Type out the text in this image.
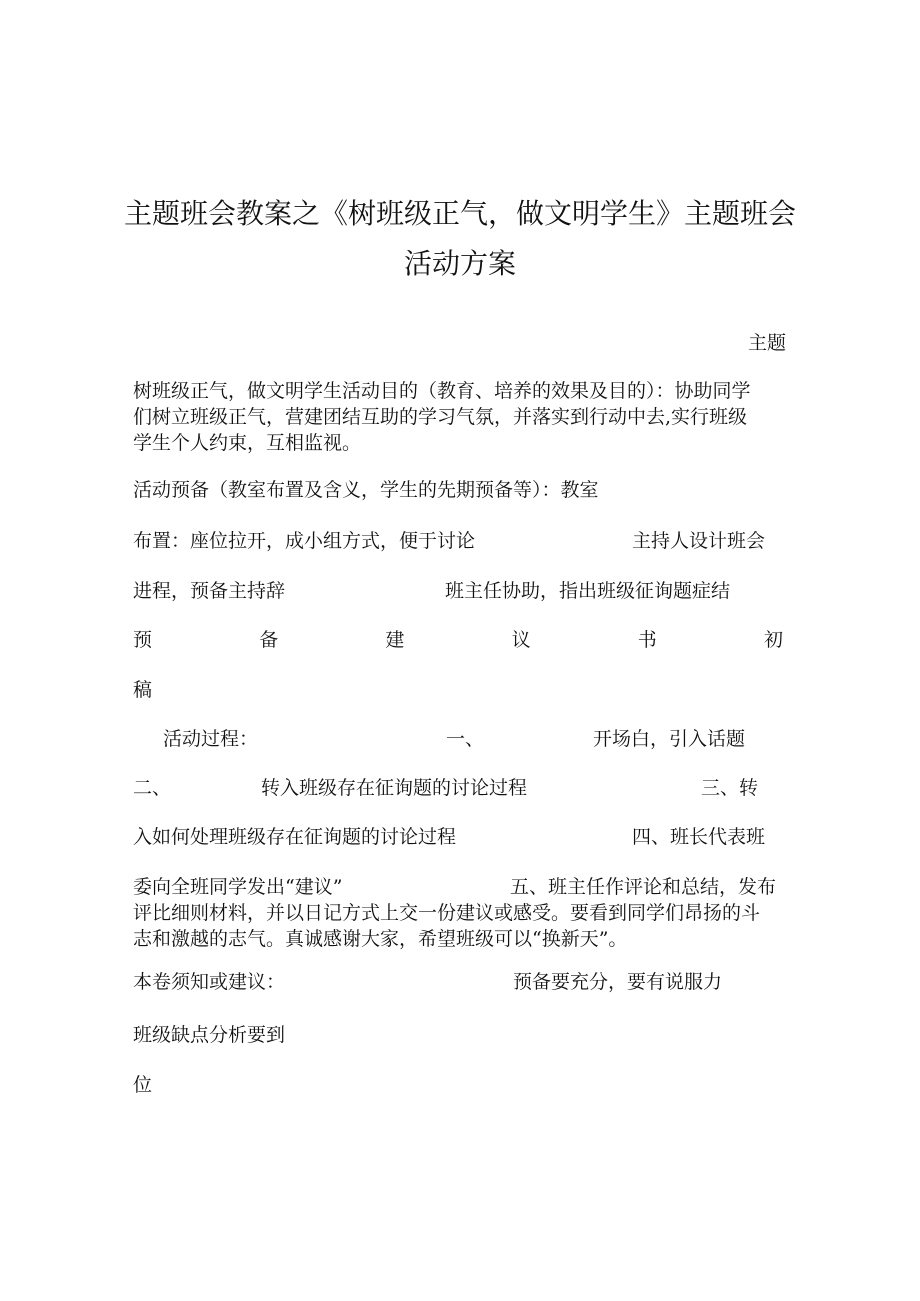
主题班会教案之《树班级正气，做文明学生》主题班会
活动方案
主题
树班级正气，做文明学生活动目的（教育、培养的效果及目的）：协助同学
们树立班级正气，营建团结互助的学习气氛，并落实到行动中去,实行班级
学生个人约束，互相监视。
活动预备（教室布置及含义，学生的先期预备等）：教室
布置：座位拉开，成小组方式，便于讨论	主持人设计班会
进程，预备主持辞	班主任协助，指出班级征询题症结
预	备	建	议	书	初
稿
活动过程：	一、	开场白，引入话题
二、	转入班级存在征询题的讨论过程	三、转
入如何处理班级存在征询题的讨论过程	四、班长代表班
委向全班同学发出“建议”	五、班主任作评论和总结，发布
评比细则材料，并以日记方式上交一份建议或感受。要看到同学们昂扬的斗
志和激越的志气。真诚感谢大家，希望班级可以“换新天”。
本卷须知或建议：	预备要充分，要有说服力
班级缺点分析要到
位
